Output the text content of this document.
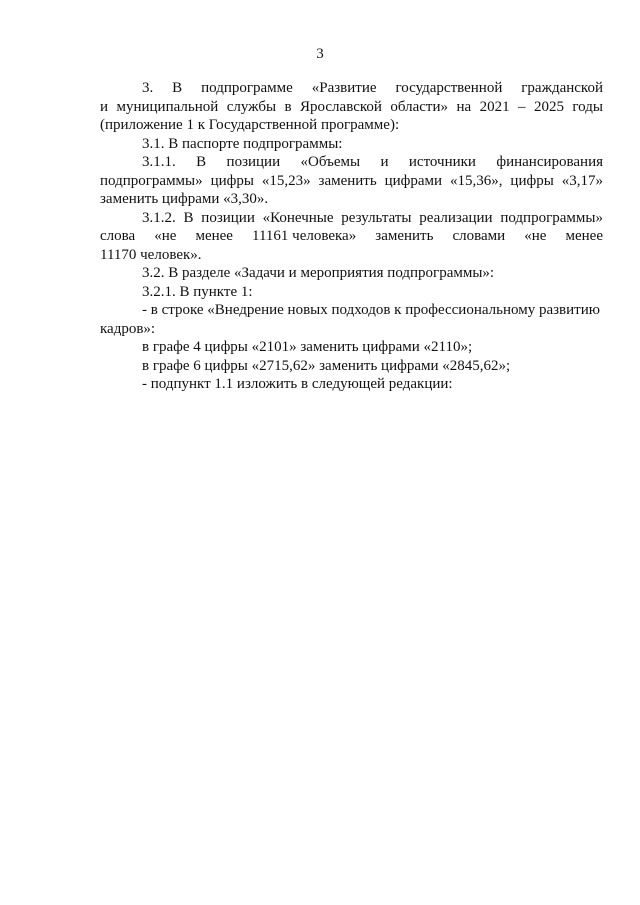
3
3. В подпрограмме «Развитие государственной гражданской
и муниципальной службы в Ярославской области» на 2021 – 2025 годы
(приложение 1 к Государственной программе):
3.1. В паспорте подпрограммы:
3.1.1. В позиции «Объемы и источники финансирования
подпрограммы» цифры «15,23» заменить цифрами «15,36», цифры «3,17»
заменить цифрами «3,30».
3.1.2. В позиции «Конечные результаты реализации подпрограммы»
слова «не менее 11161 человека» заменить словами «не менее
11170 человек».
3.2. В разделе «Задачи и мероприятия подпрограммы»:
3.2.1. В пункте 1:
- в строке «Внедрение новых подходов к профессиональному развитию
кадров»:
в графе 4 цифры «2101» заменить цифрами «2110»;
в графе 6 цифры «2715,62» заменить цифрами «2845,62»;
- подпункт 1.1 изложить в следующей редакции:
